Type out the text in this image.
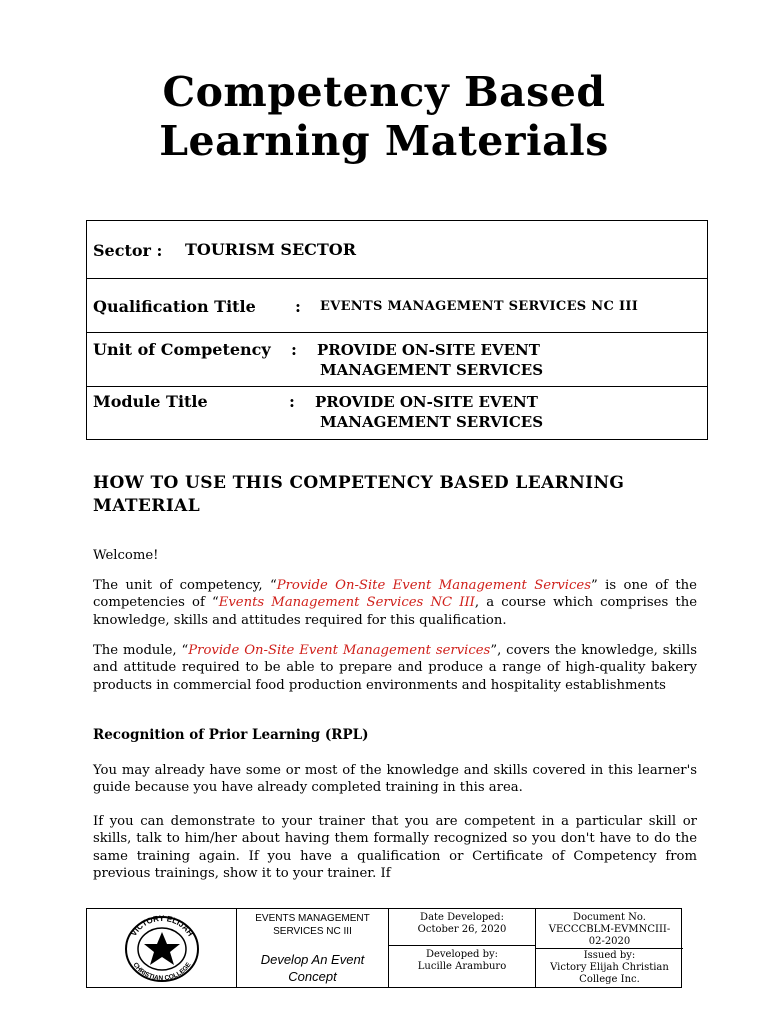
Competency Based
Learning Materials
Sector : TOURISM SECTOR
Qualification Title : EVENTS MANAGEMENT SERVICES NC III
Unit of Competency : PROVIDE ON-SITE EVENT
MANAGEMENT SERVICES
Module Title	: PROVIDE ON-SITE EVENT
MANAGEMENT SERVICES
HOW TO USE THIS COMPETENCY BASED LEARNING MATERIAL
Welcome!
The unit of competency, “Provide On-Site Event Management Services” is one of the competencies of “Events Management Services NC III, a course which comprises the knowledge, skills and attitudes required for this qualification.
The module, “Provide On-Site Event Management services”, covers the knowledge, skills and attitude required to be able to prepare and produce a range of high-quality bakery products in commercial food production environments and hospitality establishments
Recognition of Prior Learning (RPL)
You may already have some or most of the knowledge and skills covered in this learner's guide because you have already completed training in this area.
If you can demonstrate to your trainer that you are competent in a particular skill or skills, talk to him/her about having them formally recognized so you don't have to do the same training again. If you have a qualification or Certificate of Competency from previous trainings, show it to your trainer. If
VICTORY ELIJAH
CHRISTIAN COLLEGE
EVENTS MANAGEMENT
SERVICES NC III
Develop An Event
Concept
Date Developed:
October 26, 2020
Developed by:
Lucille Aramburo
Document No.
VECCCBLM-EVMNCIII-
02-2020
Issued by:
Victory Elijah Christian
College Inc.
